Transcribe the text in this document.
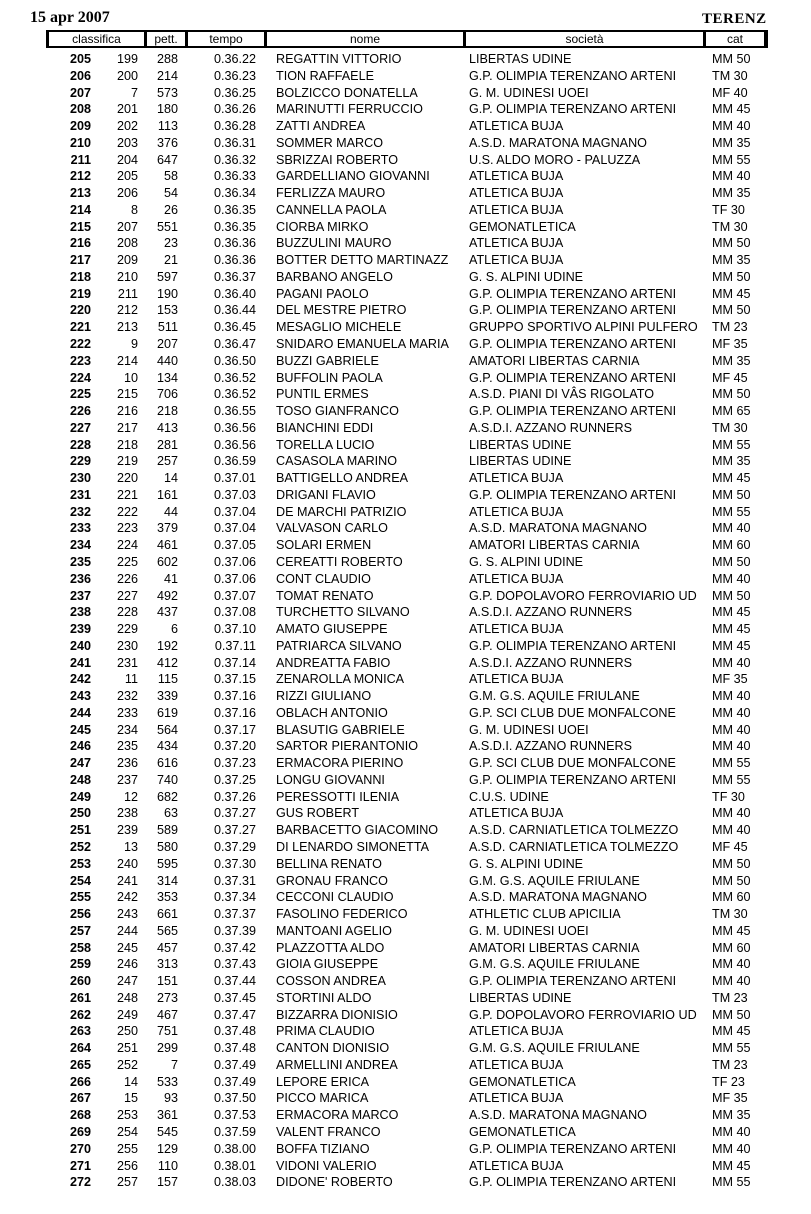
15 apr 2007	TERENZ
classifica	pett.	tempo	nome	società	cat
205	199	288	0.36.22 REGATTIN VITTORIO	LIBERTAS UDINE	MM 50
206	200	214	0.36.23 TION RAFFAELE	G.P. OLIMPIA TERENZANO ARTENI	TM 30
207	7	573	0.36.25 BOLZICCO DONATELLA	G. M. UDINESI UOEI	MF 40
208	201	180	0.36.26 MARINUTTI FERRUCCIO	G.P. OLIMPIA TERENZANO ARTENI	MM 45
209	202	113	0.36.28 ZATTI ANDREA	ATLETICA BUJA	MM 40
210	203	376	0.36.31 SOMMER MARCO	A.S.D. MARATONA MAGNANO	MM 35
211	204	647	0.36.32 SBRIZZAI ROBERTO	U.S. ALDO MORO - PALUZZA	MM 55
212	205	58	0.36.33 GARDELLIANO GIOVANNI	ATLETICA BUJA	MM 40
213	206	54	0.36.34 FERLIZZA MAURO	ATLETICA BUJA	MM 35
214	8	26	0.36.35 CANNELLA PAOLA	ATLETICA BUJA	TF 30
215	207	551	0.36.35 CIORBA MIRKO	GEMONATLETICA	TM 30
216	208	23	0.36.36 BUZZULINI MAURO	ATLETICA BUJA	MM 50
217	209	21	0.36.36 BOTTER DETTO MARTINAZZ	ATLETICA BUJA	MM 35
218	210	597	0.36.37 BARBANO ANGELO	G. S. ALPINI UDINE	MM 50
219	211	190	0.36.40 PAGANI PAOLO	G.P. OLIMPIA TERENZANO ARTENI	MM 45
220	212	153	0.36.44 DEL MESTRE PIETRO	G.P. OLIMPIA TERENZANO ARTENI	MM 50
221	213	511	0.36.45 MESAGLIO MICHELE	GRUPPO SPORTIVO ALPINI PULFERO	TM 23
222	9	207	0.36.47 SNIDARO EMANUELA MARIA	G.P. OLIMPIA TERENZANO ARTENI	MF 35
223	214	440	0.36.50 BUZZI GABRIELE	AMATORI LIBERTAS CARNIA	MM 35
224	10	134	0.36.52 BUFFOLIN PAOLA	G.P. OLIMPIA TERENZANO ARTENI	MF 45
225	215	706	0.36.52 PUNTIL ERMES	A.S.D. PIANI DI VÂS RIGOLATO	MM 50
226	216	218	0.36.55 TOSO GIANFRANCO	G.P. OLIMPIA TERENZANO ARTENI	MM 65
227	217	413	0.36.56 BIANCHINI EDDI	A.S.D.I. AZZANO RUNNERS	TM 30
228	218	281	0.36.56 TORELLA LUCIO	LIBERTAS UDINE	MM 55
229	219	257	0.36.59 CASASOLA MARINO	LIBERTAS UDINE	MM 35
230	220	14	0.37.01 BATTIGELLO ANDREA	ATLETICA BUJA	MM 45
231	221	161	0.37.03 DRIGANI FLAVIO	G.P. OLIMPIA TERENZANO ARTENI	MM 50
232	222	44	0.37.04 DE MARCHI PATRIZIO	ATLETICA BUJA	MM 55
233	223	379	0.37.04 VALVASON CARLO	A.S.D. MARATONA MAGNANO	MM 40
234	224	461	0.37.05 SOLARI ERMEN	AMATORI LIBERTAS CARNIA	MM 60
235	225	602	0.37.06 CEREATTI ROBERTO	G. S. ALPINI UDINE	MM 50
236	226	41	0.37.06 CONT CLAUDIO	ATLETICA BUJA	MM 40
237	227	492	0.37.07 TOMAT RENATO	G.P. DOPOLAVORO FERROVIARIO UD	MM 50
238	228	437	0.37.08 TURCHETTO SILVANO	A.S.D.I. AZZANO RUNNERS	MM 45
239	229	6	0.37.10 AMATO GIUSEPPE	ATLETICA BUJA	MM 45
240	230	192	0.37.11 PATRIARCA SILVANO	G.P. OLIMPIA TERENZANO ARTENI	MM 45
241	231	412	0.37.14 ANDREATTA FABIO	A.S.D.I. AZZANO RUNNERS	MM 40
242	11	115	0.37.15 ZENAROLLA MONICA	ATLETICA BUJA	MF 35
243	232	339	0.37.16 RIZZI GIULIANO	G.M. G.S. AQUILE FRIULANE	MM 40
244	233	619	0.37.16 OBLACH ANTONIO	G.P. SCI CLUB DUE MONFALCONE	MM 40
245	234	564	0.37.17 BLASUTIG GABRIELE	G. M. UDINESI UOEI	MM 40
246	235	434	0.37.20 SARTOR PIERANTONIO	A.S.D.I. AZZANO RUNNERS	MM 40
247	236	616	0.37.23 ERMACORA PIERINO	G.P. SCI CLUB DUE MONFALCONE	MM 55
248	237	740	0.37.25 LONGU GIOVANNI	G.P. OLIMPIA TERENZANO ARTENI	MM 55
249	12	682	0.37.26 PERESSOTTI ILENIA	C.U.S. UDINE	TF 30
250	238	63	0.37.27 GUS ROBERT	ATLETICA BUJA	MM 40
251	239	589	0.37.27 BARBACETTO GIACOMINO	A.S.D. CARNIATLETICA TOLMEZZO	MM 40
252	13	580	0.37.29 DI LENARDO SIMONETTA	A.S.D. CARNIATLETICA TOLMEZZO	MF 45
253	240	595	0.37.30 BELLINA RENATO	G. S. ALPINI UDINE	MM 50
254	241	314	0.37.31 GRONAU FRANCO	G.M. G.S. AQUILE FRIULANE	MM 50
255	242	353	0.37.34 CECCONI CLAUDIO	A.S.D. MARATONA MAGNANO	MM 60
256	243	661	0.37.37 FASOLINO FEDERICO	ATHLETIC CLUB APICILIA	TM 30
257	244	565	0.37.39 MANTOANI AGELIO	G. M. UDINESI UOEI	MM 45
258	245	457	0.37.42 PLAZZOTTA ALDO	AMATORI LIBERTAS CARNIA	MM 60
259	246	313	0.37.43 GIOIA GIUSEPPE	G.M. G.S. AQUILE FRIULANE	MM 40
260	247	151	0.37.44 COSSON ANDREA	G.P. OLIMPIA TERENZANO ARTENI	MM 40
261	248	273	0.37.45 STORTINI ALDO	LIBERTAS UDINE	TM 23
262	249	467	0.37.47 BIZZARRA DIONISIO	G.P. DOPOLAVORO FERROVIARIO UD	MM 50
263	250	751	0.37.48 PRIMA CLAUDIO	ATLETICA BUJA	MM 45
264	251	299	0.37.48 CANTON DIONISIO	G.M. G.S. AQUILE FRIULANE	MM 55
265	252	7	0.37.49 ARMELLINI ANDREA	ATLETICA BUJA	TM 23
266	14	533	0.37.49 LEPORE ERICA	GEMONATLETICA	TF 23
267	15	93	0.37.50 PICCO MARICA	ATLETICA BUJA	MF 35
268	253	361	0.37.53 ERMACORA MARCO	A.S.D. MARATONA MAGNANO	MM 35
269	254	545	0.37.59 VALENT FRANCO	GEMONATLETICA	MM 40
270	255	129	0.38.00 BOFFA TIZIANO	G.P. OLIMPIA TERENZANO ARTENI	MM 40
271	256	110	0.38.01 VIDONI VALERIO	ATLETICA BUJA	MM 45
272	257	157	0.38.03 DIDONE' ROBERTO	G.P. OLIMPIA TERENZANO ARTENI	MM 55
